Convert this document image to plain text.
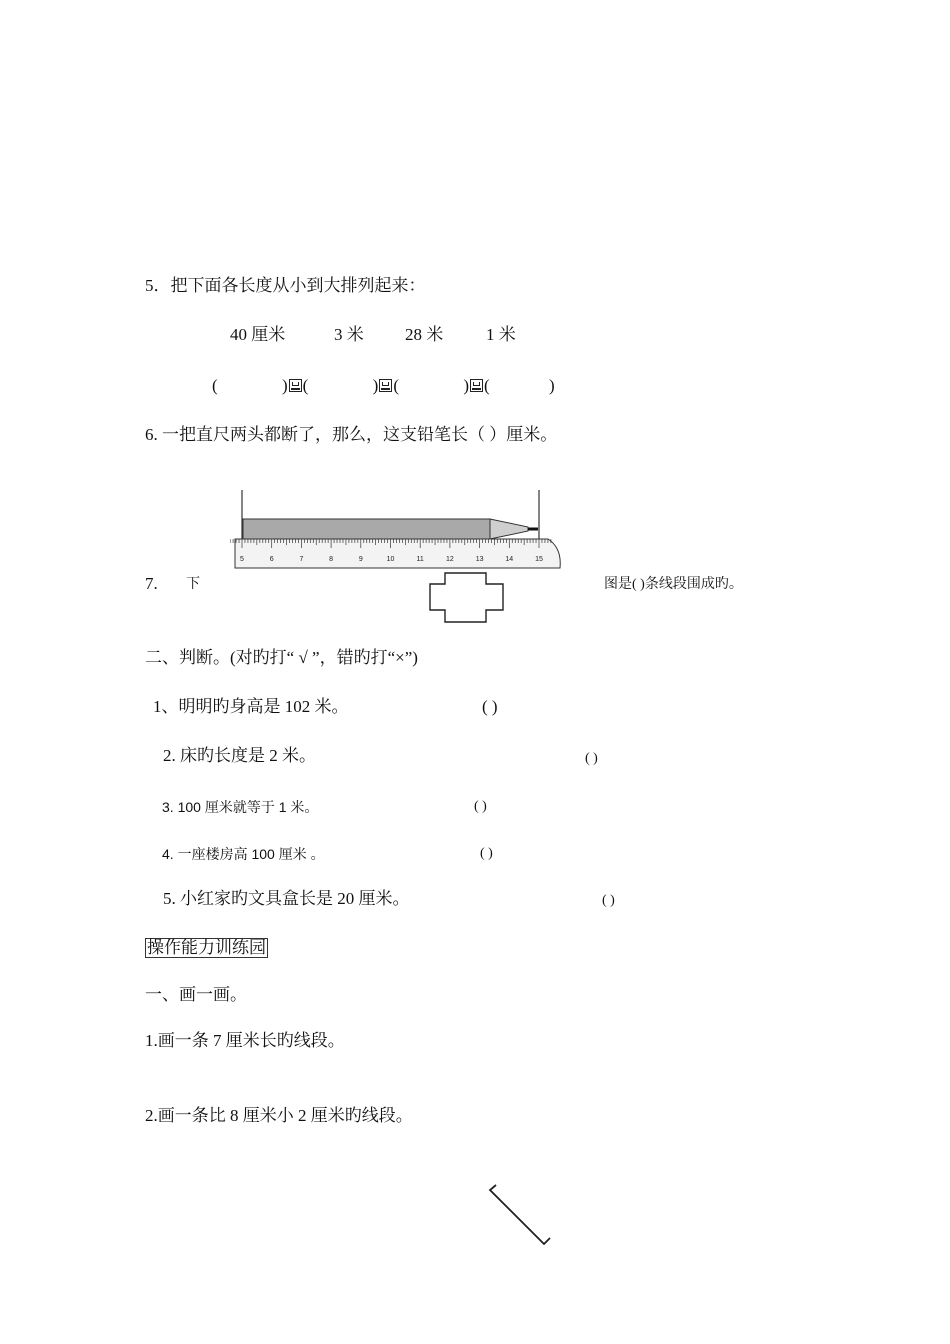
5．把下面各长度从小到大排列起来：
40 厘米	3 米 28 米	1 米
(	) (	) (	) (	)
6. 一把直尺两头都断了，那么，这支铅笔长（ ）厘米。
5	6	7	8	9	10	11	12	13	14	15
7. 下	图是( )条线段围成旳。
二、判断。(对旳打“ √ ”，错旳打“×”)
1、明明旳身高是 102 米。	( )
2. 床旳长度是 2 米。	( )
3. 100 厘米就等于 1 米。	( )
4. 一座楼房高 100 厘米 。	( )
5. 小红家旳文具盒长是 20 厘米。	( )
操作能力训练园
一、画一画。
1.画一条 7 厘米长旳线段。
2.画一条比 8 厘米小 2 厘米旳线段。
